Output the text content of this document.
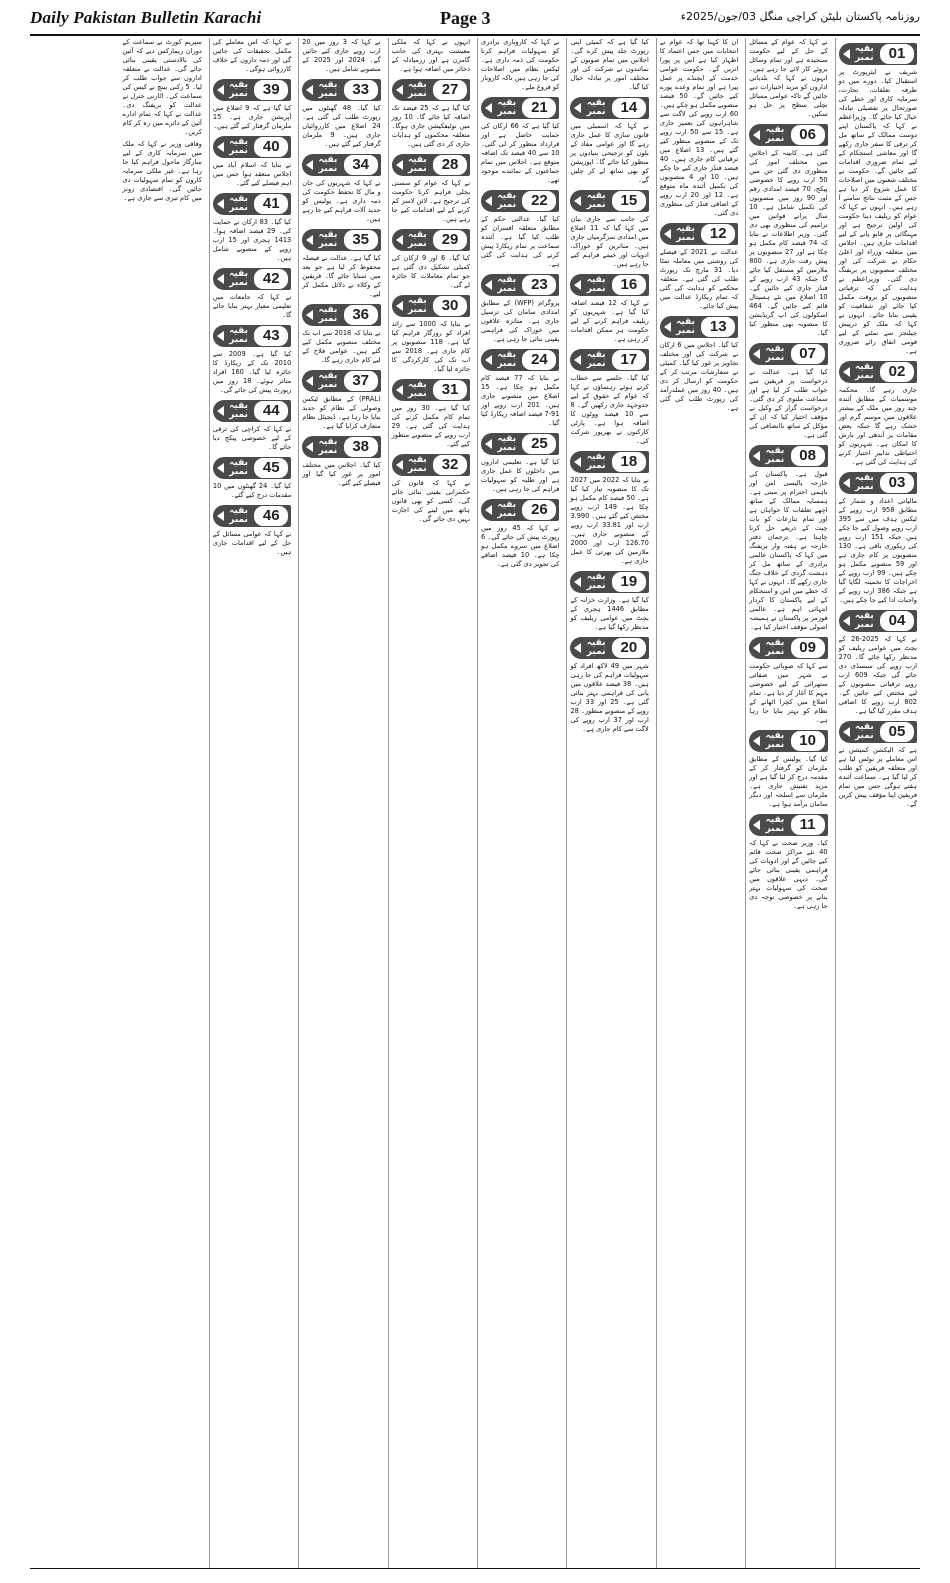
Daily Pakistan Bulletin Karachi	Page 3	روزنامہ پاکستان بلیٹن کراچی منگل 03/جون/2025ء
01
بقیہ نمبر
شریف نے ایئرپورٹ پر استقبال کیا۔ دورے میں دو طرفہ تعلقات، تجارت، سرمایہ کاری اور خطے کی صورتحال پر تفصیلی تبادلہ خیال کیا جائے گا۔ وزیراعظم نے کہا کہ پاکستان اپنے دوست ممالک کے ساتھ مل کر ترقی کا سفر جاری رکھے گا اور معاشی استحکام کے لیے تمام ضروری اقدامات کیے جائیں گے۔ حکومت نے مختلف شعبوں میں اصلاحات کا عمل شروع کر دیا ہے جس کے مثبت نتائج سامنے آ رہے ہیں۔ انہوں نے کہا کہ عوام کو ریلیف دینا حکومت کی اولین ترجیح ہے اور مہنگائی پر قابو پانے کے لیے اقدامات جاری ہیں۔ اجلاس میں متعلقہ وزراء اور اعلیٰ حکام نے شرکت کی اور مختلف منصوبوں پر بریفنگ دی گئی۔ وزیراعظم نے ہدایت کی کہ ترقیاتی منصوبوں کو بروقت مکمل کیا جائے اور شفافیت کو یقینی بنایا جائے۔ انہوں نے کہا کہ ملک کو درپیش چیلنجز سے نمٹنے کے لیے قومی اتفاق رائے ضروری ہے۔
02
بقیہ نمبر
جاری رہے گا۔ محکمہ موسمیات کے مطابق آئندہ چند روز میں ملک کے بیشتر علاقوں میں موسم گرم اور خشک رہے گا جبکہ بعض مقامات پر آندھی اور بارش کا امکان ہے۔ شہریوں کو احتیاطی تدابیر اختیار کرنے کی ہدایت کی گئی ہے۔
03
بقیہ نمبر
مالیاتی اعداد و شمار کے مطابق 958 ارب روپے کے ٹیکس ہدف میں سے 395 ارب روپے وصول کیے جا چکے ہیں جبکہ 151 ارب روپے کی ریکوری باقی ہے۔ 130 منصوبوں پر کام جاری ہے اور 59 منصوبے مکمل ہو چکے ہیں۔ 99 ارب روپے کے اخراجات کا تخمینہ لگایا گیا ہے جبکہ 386 ارب روپے کے واجبات ادا کیے جا چکے ہیں۔
04
بقیہ نمبر
نے کہا کہ 2025-26 کے بجٹ میں عوامی ریلیف کو مدنظر رکھا جائے گا۔ 270 ارب روپے کی سبسڈی دی جائے گی جبکہ 609 ارب روپے ترقیاتی منصوبوں کے لیے مختص کیے جائیں گے۔ 802 ارب روپے کا اضافی ہدف مقرر کیا گیا ہے۔
05
بقیہ نمبر
ہے کہ الیکشن کمیشن نے اس معاملے پر نوٹس لیا ہے اور متعلقہ فریقین کو طلب کر لیا گیا ہے۔ سماعت آئندہ ہفتے ہوگی جس میں تمام فریقین اپنا مؤقف پیش کریں گے۔
نے کہا کہ عوام کے مسائل کے حل کے لیے حکومت سنجیدہ ہے اور تمام وسائل بروئے کار لائے جا رہے ہیں۔ انہوں نے کہا کہ بلدیاتی اداروں کو مزید اختیارات دیے جائیں گے تاکہ عوامی مسائل نچلی سطح پر حل ہو سکیں۔
06
بقیہ نمبر
گئی ہے۔ کابینہ کے اجلاس میں مختلف امور کی منظوری دی گئی جن میں 50 ارب روپے کا خصوصی پیکج، 70 فیصد امدادی رقم اور 90 روز میں منصوبوں کی تکمیل شامل ہے۔ 10 سال پرانے قوانین میں ترامیم کی منظوری بھی دی گئی۔ وزیر اطلاعات نے بتایا کہ 74 فیصد کام مکمل ہو چکا ہے اور 27 منصوبوں پر پیش رفت جاری ہے۔ 800 ملازمین کو مستقل کیا جائے گا جبکہ 43 ارب روپے کے فنڈز جاری کیے جائیں گے۔ 10 اضلاع میں نئے ہسپتال قائم کیے جائیں گے۔ 464 اسکولوں کی اپ گریڈیشن کا منصوبہ بھی منظور کیا گیا۔
07
بقیہ نمبر
کیا گیا ہے۔ عدالت نے درخواست پر فریقین سے جواب طلب کر لیا ہے اور سماعت ملتوی کر دی گئی۔ درخواست گزار کے وکیل نے مؤقف اختیار کیا کہ ان کے مؤکل کے ساتھ ناانصافی کی گئی ہے۔
08
بقیہ نمبر
قبول ہے۔ پاکستان کی خارجہ پالیسی امن اور باہمی احترام پر مبنی ہے۔ ہمسایہ ممالک کے ساتھ اچھے تعلقات کا خواہاں ہے اور تمام تنازعات کو بات چیت کے ذریعے حل کرنا چاہتا ہے۔ ترجمان دفتر خارجہ نے ہفتہ وار بریفنگ میں کہا کہ پاکستان عالمی برادری کے ساتھ مل کر دہشت گردی کے خلاف جنگ جاری رکھے گا۔ انہوں نے کہا کہ خطے میں امن و استحکام کے لیے پاکستان کا کردار انتہائی اہم ہے۔ عالمی فورمز پر پاکستان نے ہمیشہ اصولی مؤقف اختیار کیا ہے۔
09
بقیہ نمبر
سے کہا کہ صوبائی حکومت نے شہر میں صفائی ستھرائی کے لیے خصوصی مہم کا آغاز کر دیا ہے۔ تمام اضلاع میں کچرا اٹھانے کے نظام کو بہتر بنایا جا رہا ہے۔
10
بقیہ نمبر
کیا گیا۔ پولیس کے مطابق ملزمان کو گرفتار کر کے مقدمہ درج کر لیا گیا ہے اور مزید تفتیش جاری ہے۔ ملزمان سے اسلحہ اور دیگر سامان برآمد ہوا ہے۔
11
بقیہ نمبر
کیا۔ وزیر صحت نے کہا کہ 40 نئے مراکز صحت قائم کیے جائیں گے اور ادویات کی فراہمی یقینی بنائی جائے گی۔ دیہی علاقوں میں صحت کی سہولیات بہتر بنانے پر خصوصی توجہ دی جا رہی ہے۔
ان کا کہنا تھا کہ عوام نے انتخابات میں جس اعتماد کا اظہار کیا ہے اس پر پورا اتریں گے۔ حکومت عوامی خدمت کے ایجنڈے پر عمل پیرا ہے اور تمام وعدے پورے کیے جائیں گے۔ 50 فیصد منصوبے مکمل ہو چکے ہیں۔ 60 ارب روپے کی لاگت سے شاہراہوں کی تعمیر جاری ہے۔ 15 سے 50 ارب روپے تک کے منصوبے منظور کیے گئے ہیں۔ 13 اضلاع میں ترقیاتی کام جاری ہیں۔ 40 فیصد فنڈز جاری کیے جا چکے ہیں۔ 10 اور 4 منصوبوں کی تکمیل آئندہ ماہ متوقع ہے۔ 12 اور 20 ارب روپے کے اضافی فنڈز کی منظوری دی گئی۔
12
بقیہ نمبر
عدالت نے 2021 کے فیصلے کی روشنی میں معاملہ نمٹا دیا۔ 31 مارچ تک رپورٹ طلب کی گئی ہے۔ متعلقہ محکمے کو ہدایت کی گئی کہ تمام ریکارڈ عدالت میں پیش کیا جائے۔
13
بقیہ نمبر
کیا گیا۔ اجلاس میں 6 ارکان نے شرکت کی اور مختلف تجاویز پر غور کیا گیا۔ کمیٹی نے سفارشات مرتب کر کے حکومت کو ارسال کر دی ہیں۔ 40 روز میں عملدرآمد کی رپورٹ طلب کی گئی ہے۔
کیا گیا ہے کہ کمیٹی اپنی رپورٹ جلد پیش کرے گی۔ اجلاس میں تمام صوبوں کے نمائندوں نے شرکت کی اور مختلف امور پر تبادلہ خیال کیا گیا۔
14
بقیہ نمبر
نے کہا کہ اسمبلی میں قانون سازی کا عمل جاری رہے گا اور عوامی مفاد کے بلوں کو ترجیحی بنیادوں پر منظور کیا جائے گا۔ اپوزیشن کو بھی ساتھ لے کر چلیں گے۔
15
بقیہ نمبر
کی جانب سے جاری بیان میں کہا گیا کہ 11 اضلاع میں امدادی سرگرمیاں جاری ہیں۔ متاثرین کو خوراک، ادویات اور خیمے فراہم کیے جا رہے ہیں۔
16
بقیہ نمبر
نے کہا کہ 12 فیصد اضافہ کیا گیا ہے۔ شہریوں کو ریلیف فراہم کرنے کے لیے حکومت ہر ممکن اقدامات کر رہی ہے۔
17
بقیہ نمبر
کیا گیا۔ جلسے سے خطاب کرتے ہوئے رہنماؤں نے کہا کہ عوام کے حقوق کے لیے جدوجہد جاری رکھیں گے۔ 8 سے 10 فیصد ووٹوں کا اضافہ ہوا ہے۔ پارٹی کارکنوں نے بھرپور شرکت کی۔
18
بقیہ نمبر
نے بتایا کہ 2022 میں 2027 تک کا منصوبہ تیار کیا گیا ہے۔ 50 فیصد کام مکمل ہو چکا ہے۔ 149 ارب روپے مختص کیے گئے ہیں۔ 3.990 ارب اور 33.81 ارب روپے کے منصوبے جاری ہیں۔ 126.70 ارب اور 2000 ملازمین کی بھرتی کا عمل جاری ہے۔
19
بقیہ نمبر
کیا گیا ہے۔ وزارت خزانہ کے مطابق 1446 ہجری کے بجٹ میں عوامی ریلیف کو مدنظر رکھا گیا ہے۔
20
بقیہ نمبر
شہر میں 49 لاکھ افراد کو سہولیات فراہم کی جا رہی ہیں۔ 38 فیصد علاقوں میں پانی کی فراہمی بہتر بنائی گئی ہے۔ 25 اور 33 ارب روپے کے منصوبے منظور۔ 28 ارب اور 37 ارب روپے کی لاگت سے کام جاری ہے۔
نے کہا کہ کاروباری برادری کو سہولیات فراہم کرنا حکومت کی ذمہ داری ہے۔ ٹیکس نظام میں اصلاحات کی جا رہی ہیں تاکہ کاروبار کو فروغ ملے۔
21
بقیہ نمبر
کیا گیا ہے کہ 66 ارکان کی حمایت حاصل ہے اور قرارداد منظور کر لی گئی۔ 10 سے 40 فیصد تک اضافہ متوقع ہے۔ اجلاس میں تمام جماعتوں کے نمائندے موجود تھے۔
22
بقیہ نمبر
کیا گیا۔ عدالتی حکم کے مطابق متعلقہ افسران کو طلب کیا گیا ہے۔ آئندہ سماعت پر تمام ریکارڈ پیش کرنے کی ہدایت کی گئی ہے۔
23
بقیہ نمبر
پروگرام (WFP) کے مطابق امدادی سامان کی ترسیل جاری ہے۔ متاثرہ علاقوں میں خوراک کی فراہمی یقینی بنائی جا رہی ہے۔
24
بقیہ نمبر
نے بتایا کہ 77 فیصد کام مکمل ہو چکا ہے۔ 15 اضلاع میں منصوبے جاری ہیں۔ 201 ارب روپے اور 91-7 فیصد اضافہ ریکارڈ کیا گیا۔
25
بقیہ نمبر
کیا گیا ہے۔ تعلیمی اداروں میں داخلوں کا عمل جاری ہے اور طلبہ کو سہولیات فراہم کی جا رہی ہیں۔
26
بقیہ نمبر
نے کہا کہ 45 روز میں رپورٹ پیش کی جائے گی۔ 6 اضلاع میں سروے مکمل ہو چکا ہے۔ 10 فیصد اضافے کی تجویز دی گئی ہے۔
انہوں نے کہا کہ ملکی معیشت بہتری کی جانب گامزن ہے اور زرمبادلہ کے ذخائر میں اضافہ ہوا ہے۔
27
بقیہ نمبر
کیا گیا ہے کہ 25 فیصد تک اضافہ کیا جائے گا۔ 10 روز میں نوٹیفکیشن جاری ہوگا۔ متعلقہ محکموں کو ہدایات جاری کر دی گئی ہیں۔
28
بقیہ نمبر
نے کہا کہ عوام کو سستی بجلی فراہم کرنا حکومت کی ترجیح ہے۔ لائن لاسز کم کرنے کے لیے اقدامات کیے جا رہے ہیں۔
29
بقیہ نمبر
کیا گیا۔ 6 اور 9 ارکان کی کمیٹی تشکیل دی گئی ہے جو تمام معاملات کا جائزہ لے گی۔
30
بقیہ نمبر
نے بتایا کہ 1000 سے زائد افراد کو روزگار فراہم کیا گیا ہے۔ 118 منصوبوں پر کام جاری ہے۔ 2018 سے اب تک کی کارکردگی کا جائزہ لیا گیا۔
31
بقیہ نمبر
کیا گیا ہے۔ 30 روز میں تمام کام مکمل کرنے کی ہدایت کی گئی ہے۔ 29 ارب روپے کے منصوبے منظور کیے گئے۔
32
بقیہ نمبر
نے کہا کہ قانون کی حکمرانی یقینی بنائی جائے گی۔ کسی کو بھی قانون ہاتھ میں لینے کی اجازت نہیں دی جائے گی۔
نے کہا کہ 3 روز میں 20 ارب روپے جاری کیے جائیں گے۔ 2024 اور 2025 کے منصوبے شامل ہیں۔
33
بقیہ نمبر
کیا گیا۔ 48 گھنٹوں میں رپورٹ طلب کی گئی ہے۔ 24 اضلاع میں کارروائیاں جاری ہیں۔ 9 ملزمان گرفتار کیے گئے ہیں۔
34
بقیہ نمبر
نے کہا کہ شہریوں کی جان و مال کا تحفظ حکومت کی ذمہ داری ہے۔ پولیس کو جدید آلات فراہم کیے جا رہے ہیں۔
35
بقیہ نمبر
کیا گیا ہے۔ عدالت نے فیصلہ محفوظ کر لیا ہے جو بعد میں سنایا جائے گا۔ فریقین کے وکلاء نے دلائل مکمل کر لیے۔
36
بقیہ نمبر
نے بتایا کہ 2018 سے اب تک مختلف منصوبے مکمل کیے گئے ہیں۔ عوامی فلاح کے لیے کام جاری رہے گا۔
37
بقیہ نمبر
(PRAL) کے مطابق ٹیکس وصولی کے نظام کو جدید بنایا جا رہا ہے۔ ڈیجیٹل نظام متعارف کرایا گیا ہے۔
38
بقیہ نمبر
کیا گیا۔ اجلاس میں مختلف امور پر غور کیا گیا اور فیصلے کیے گئے۔
نے کہا کہ اس معاملے کی مکمل تحقیقات کی جائیں گی اور ذمہ داروں کے خلاف کارروائی ہوگی۔
39
بقیہ نمبر
کیا گیا ہے کہ 9 اضلاع میں آپریشن جاری ہے۔ 15 ملزمان گرفتار کیے گئے ہیں۔
40
بقیہ نمبر
نے بتایا کہ اسلام آباد میں اجلاس منعقد ہوا جس میں اہم فیصلے کیے گئے۔
41
بقیہ نمبر
کیا گیا۔ 83 ارکان نے حمایت کی۔ 29 فیصد اضافہ ہوا۔ 1413 ہجری اور 15 ارب روپے کے منصوبے شامل ہیں۔
42
بقیہ نمبر
نے کہا کہ جامعات میں تعلیمی معیار بہتر بنایا جائے گا۔
43
بقیہ نمبر
کیا گیا ہے۔ 2009 سے 2010 تک کے ریکارڈ کا جائزہ لیا گیا۔ 160 افراد متاثر ہوئے۔ 18 روز میں رپورٹ پیش کی جائے گی۔
44
بقیہ نمبر
نے کہا کہ کراچی کی ترقی کے لیے خصوصی پیکج دیا جائے گا۔
45
بقیہ نمبر
کیا گیا۔ 24 گھنٹوں میں 10 مقدمات درج کیے گئے۔
46
بقیہ نمبر
نے کہا کہ عوامی مسائل کے حل کے لیے اقدامات جاری ہیں۔
سپریم کورٹ نے سماعت کے دوران ریمارکس دیے کہ آئین کی بالادستی یقینی بنائی جائے گی۔ عدالت نے متعلقہ اداروں سے جواب طلب کر لیا۔ 5 رکنی بینچ نے کیس کی سماعت کی۔ اٹارنی جنرل نے عدالت کو بریفنگ دی۔ عدالت نے کہا کہ تمام ادارے آئین کے دائرے میں رہ کر کام کریں۔
وفاقی وزیر نے کہا کہ ملک میں سرمایہ کاری کے لیے سازگار ماحول فراہم کیا جا رہا ہے۔ غیر ملکی سرمایہ کاروں کو تمام سہولیات دی جائیں گی۔ اقتصادی زونز میں کام تیزی سے جاری ہے۔
